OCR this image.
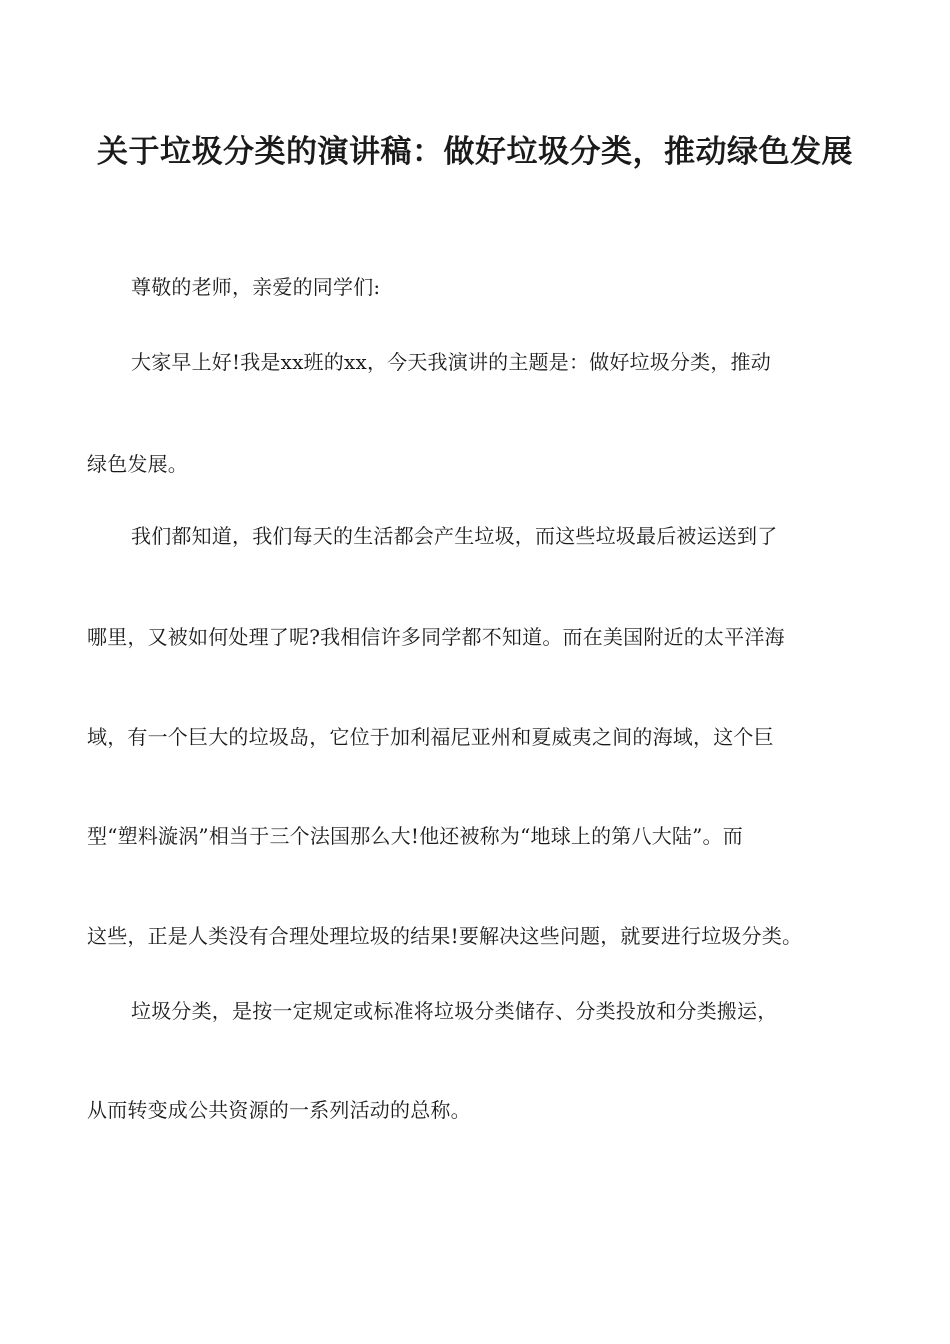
关于垃圾分类的演讲稿：做好垃圾分类，推动绿色发展
尊敬的老师，亲爱的同学们:
大家早上好!我是xx班的xx，今天我演讲的主题是：做好垃圾分类，推动
绿色发展。
我们都知道，我们每天的生活都会产生垃圾，而这些垃圾最后被运送到了
哪里，又被如何处理了呢?我相信许多同学都不知道。而在美国附近的太平洋海
域，有一个巨大的垃圾岛，它位于加利福尼亚州和夏威夷之间的海域，这个巨
型“塑料漩涡”相当于三个法国那么大!他还被称为“地球上的第八大陆”。而
这些，正是人类没有合理处理垃圾的结果!要解决这些问题，就要进行垃圾分类。
垃圾分类，是按一定规定或标准将垃圾分类储存、分类投放和分类搬运，
从而转变成公共资源的一系列活动的总称。
